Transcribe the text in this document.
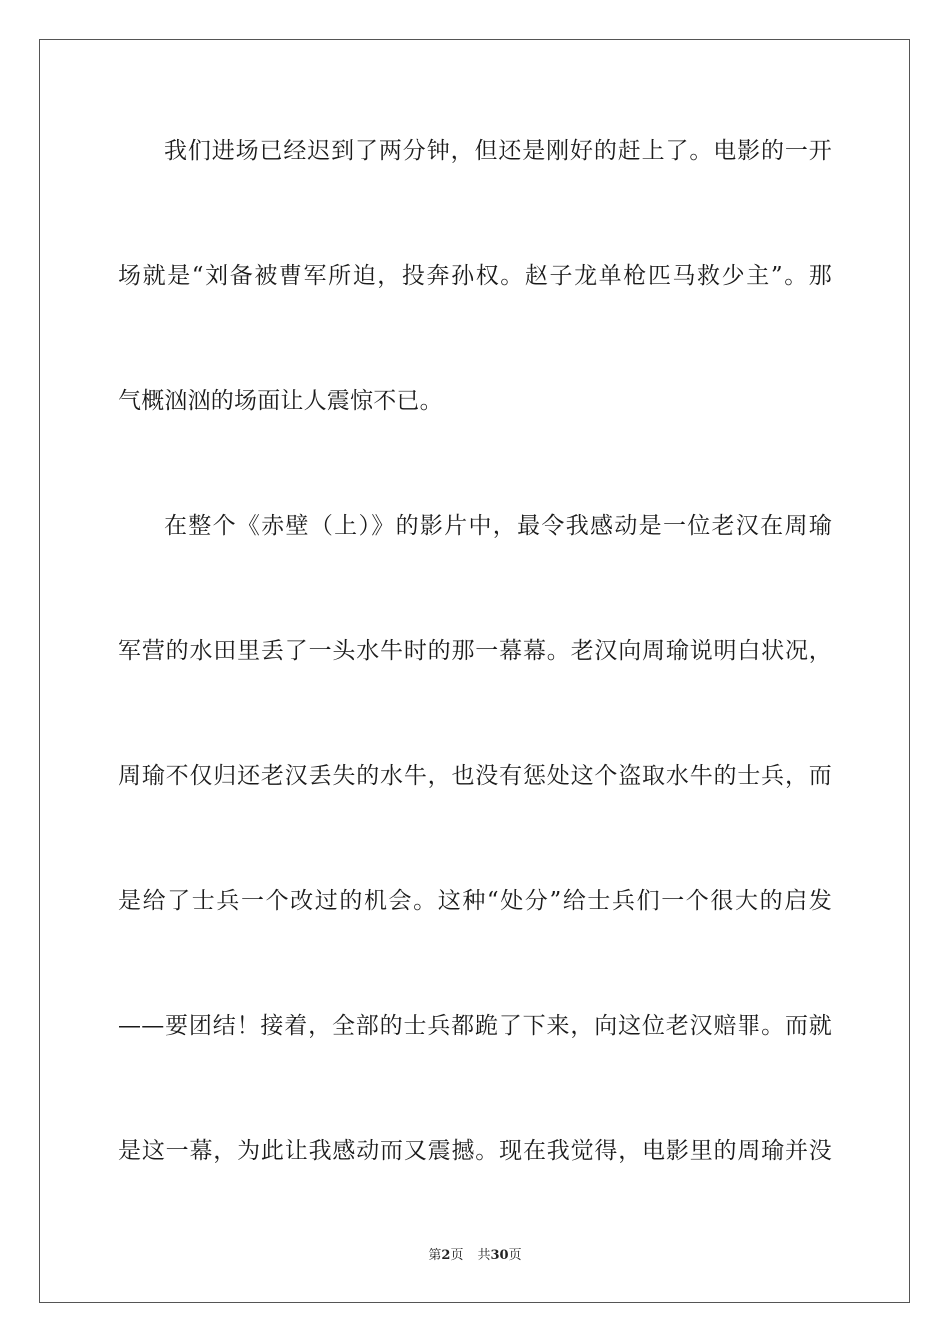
我们进场已经迟到了两分钟，但还是刚好的赶上了。电影的一开
场就是“刘备被曹军所迫，投奔孙权。赵子龙单枪匹马救少主”。那
气概汹汹的场面让人震惊不已。
在整个《赤壁（上）》的影片中，最令我感动是一位老汉在周瑜
军营的水田里丢了一头水牛时的那一幕幕。老汉向周瑜说明白状况，
周瑜不仅归还老汉丢失的水牛，也没有惩处这个盗取水牛的士兵，而
是给了士兵一个改过的机会。这种“处分”给士兵们一个很大的启发
——要团结！接着，全部的士兵都跪了下来，向这位老汉赔罪。而就
是这一幕，为此让我感动而又震撼。现在我觉得，电影里的周瑜并没
第2页 共30页
